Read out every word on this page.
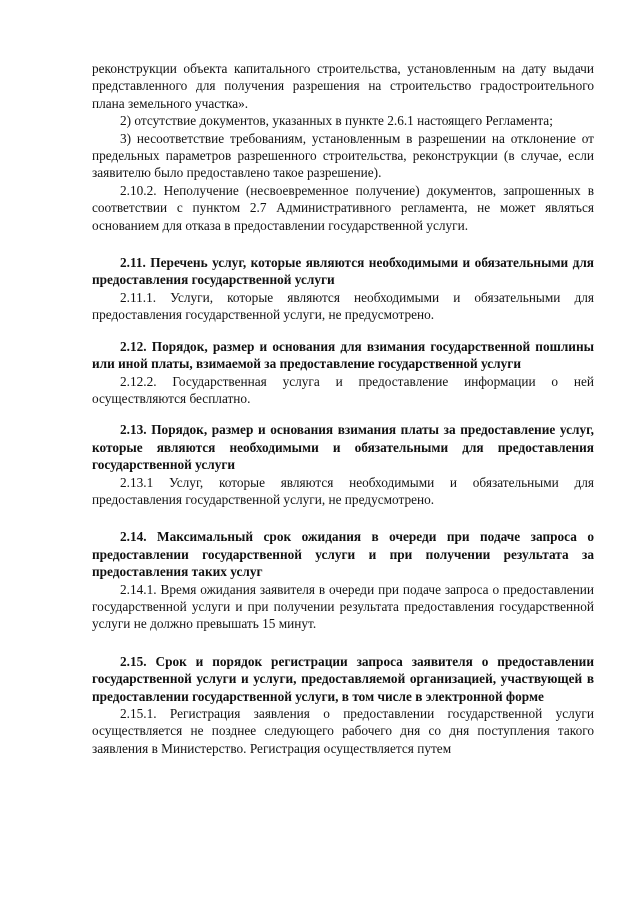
реконструкции объекта капитального строительства, установленным на дату выдачи представленного для получения разрешения на строительство градостроительного плана земельного участка».

2) отсутствие документов, указанных в пункте 2.6.1 настоящего Регламента;

3) несоответствие требованиям, установленным в разрешении на отклонение от предельных параметров разрешенного строительства, реконструкции (в случае, если заявителю было предоставлено такое разрешение).

2.10.2. Неполучение (несвоевременное получение) документов, запрошенных в соответствии с пунктом 2.7 Административного регламента, не может являться основанием для отказа в предоставлении государственной услуги.

2.11. Перечень услуг, которые являются необходимыми и обязательными для предоставления государственной услуги

2.11.1. Услуги, которые являются необходимыми и обязательными для предоставления государственной услуги, не предусмотрено.

2.12. Порядок, размер и основания для взимания государственной пошлины или иной платы, взимаемой за предоставление государственной услуги

2.12.2. Государственная услуга и предоставление информации о ней осуществляются бесплатно.

2.13. Порядок, размер и основания взимания платы за предоставление услуг, которые являются необходимыми и обязательными для предоставления государственной услуги

2.13.1 Услуг, которые являются необходимыми и обязательными для предоставления государственной услуги, не предусмотрено.

2.14. Максимальный срок ожидания в очереди при подаче запроса о предоставлении государственной услуги и при получении результата за предоставления таких услуг

2.14.1. Время ожидания заявителя в очереди при подаче запроса о предоставлении государственной услуги и при получении результата предоставления государственной услуги не должно превышать 15 минут.

2.15. Срок и порядок регистрации запроса заявителя о предоставлении государственной услуги и услуги, предоставляемой организацией, участвующей в предоставлении государственной услуги, в том числе в электронной форме

2.15.1. Регистрация заявления о предоставлении государственной услуги осуществляется не позднее следующего рабочего дня со дня поступления такого заявления в Министерство. Регистрация осуществляется путем
